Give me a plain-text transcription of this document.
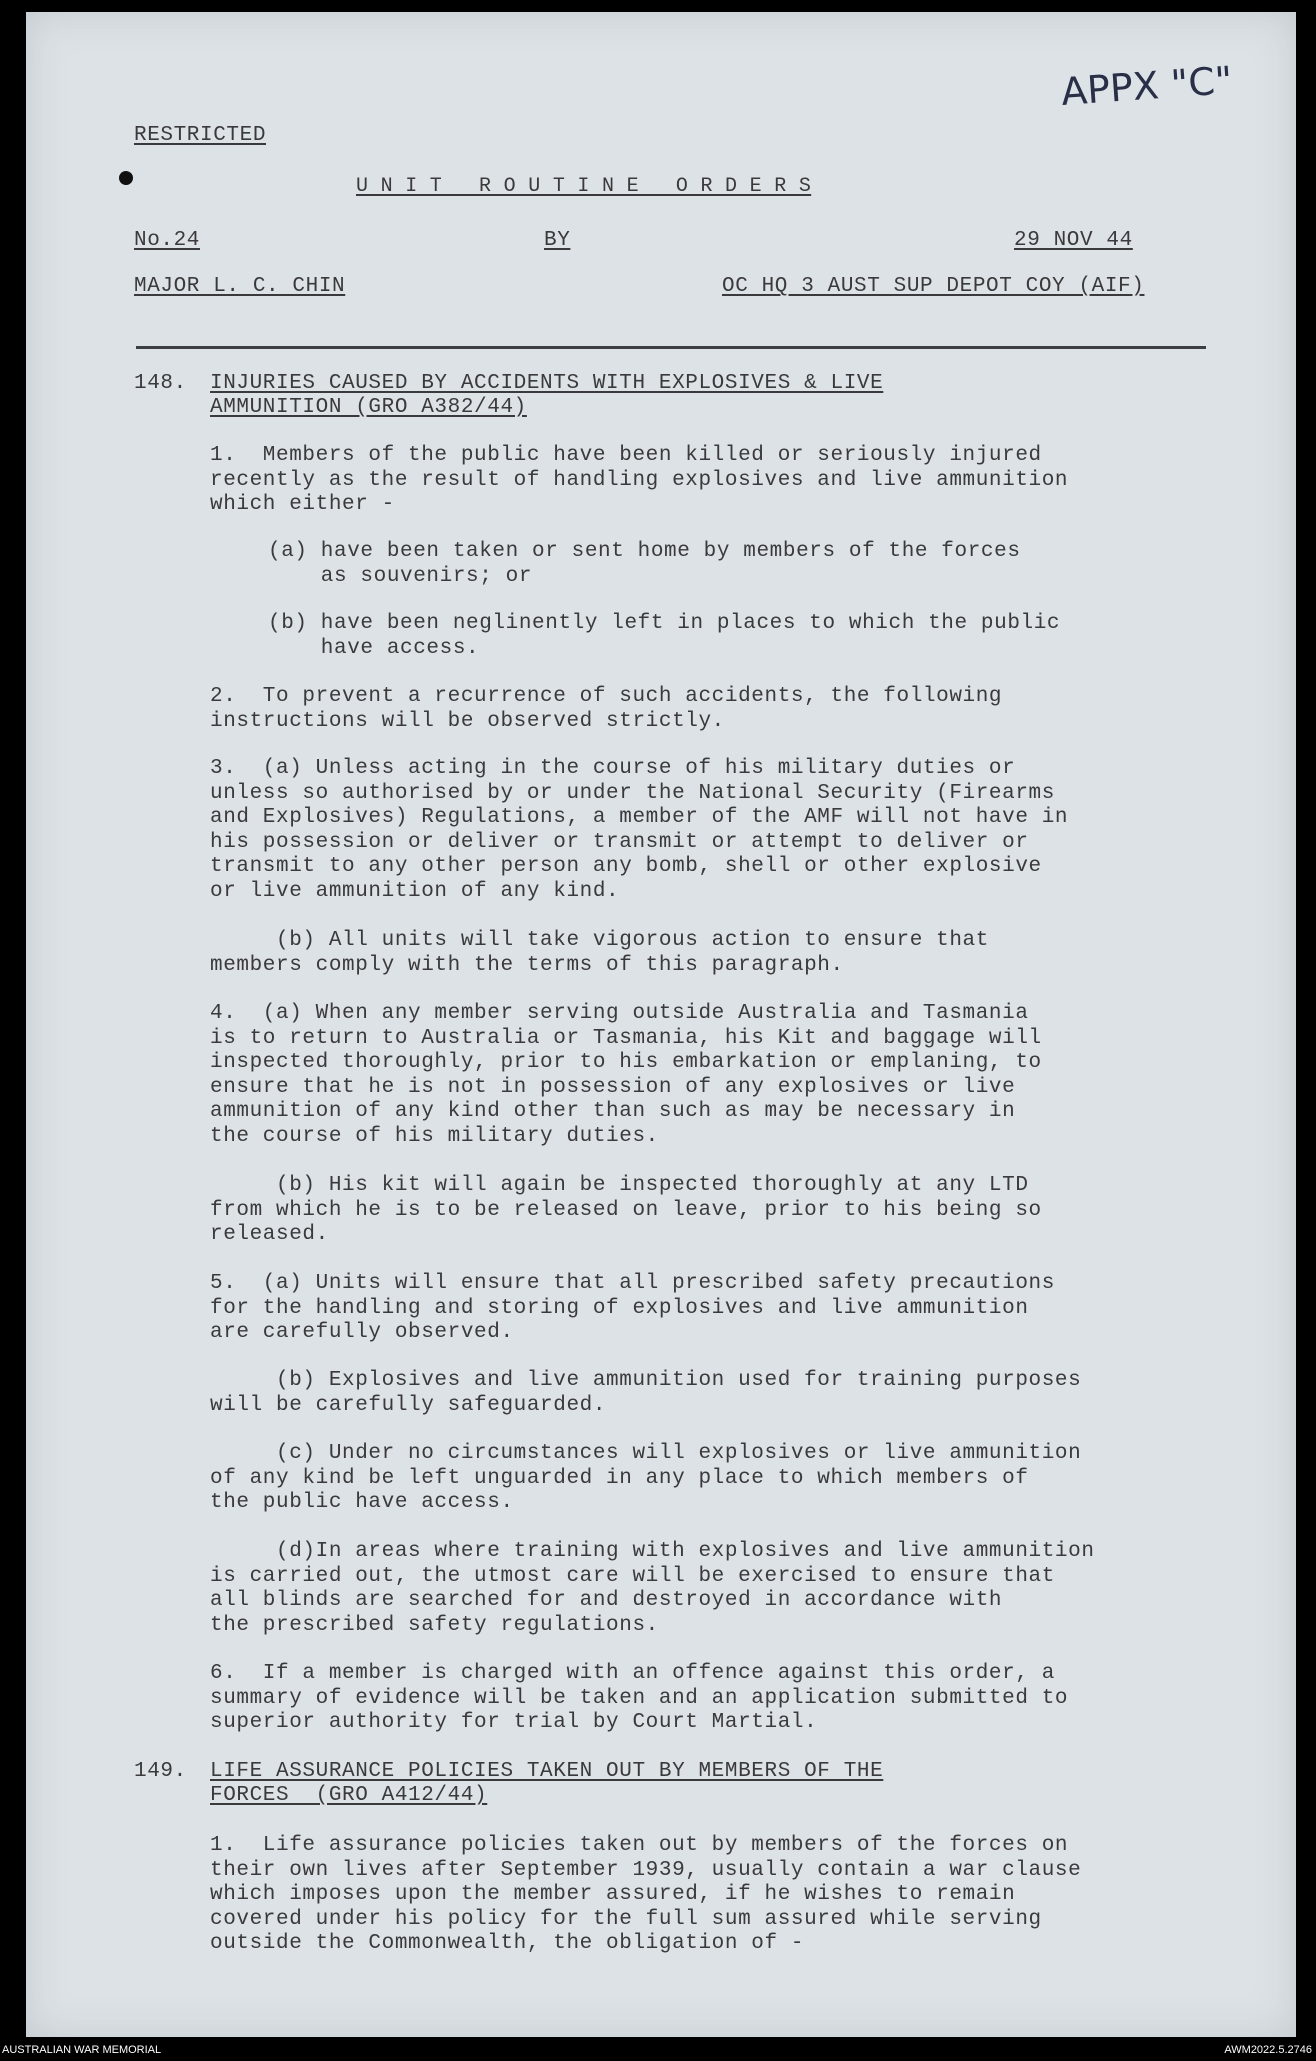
APPX "C"
RESTRICTED
U N I T   R O U T I N E   O R D E R S
No.24	BY	29 NOV 44
MAJOR L. C. CHIN	OC HQ 3 AUST SUP DEPOT COY (AIF)
148. INJURIES CAUSED BY ACCIDENTS WITH EXPLOSIVES & LIVE
AMMUNITION (GRO A382/44)
1.  Members of the public have been killed or seriously injured
recently as the result of handling explosives and live ammunition
which either -
(a) have been taken or sent home by members of the forces
as souvenirs; or
(b) have been neglinently left in places to which the public
have access.
2.  To prevent a recurrence of such accidents, the following
instructions will be observed strictly.
3.  (a) Unless acting in the course of his military duties or
unless so authorised by or under the National Security (Firearms
and Explosives) Regulations, a member of the AMF will not have in
his possession or deliver or transmit or attempt to deliver or
transmit to any other person any bomb, shell or other explosive
or live ammunition of any kind.
(b) All units will take vigorous action to ensure that
members comply with the terms of this paragraph.
4.  (a) When any member serving outside Australia and Tasmania
is to return to Australia or Tasmania, his Kit and baggage will
inspected thoroughly, prior to his embarkation or emplaning, to
ensure that he is not in possession of any explosives or live
ammunition of any kind other than such as may be necessary in
the course of his military duties.
(b) His kit will again be inspected thoroughly at any LTD
from which he is to be released on leave, prior to his being so
released.
5.  (a) Units will ensure that all prescribed safety precautions
for the handling and storing of explosives and live ammunition
are carefully observed.
(b) Explosives and live ammunition used for training purposes
will be carefully safeguarded.
(c) Under no circumstances will explosives or live ammunition
of any kind be left unguarded in any place to which members of
the public have access.
(d)In areas where training with explosives and live ammunition
is carried out, the utmost care will be exercised to ensure that
all blinds are searched for and destroyed in accordance with
the prescribed safety regulations.
6.  If a member is charged with an offence against this order, a
summary of evidence will be taken and an application submitted to
superior authority for trial by Court Martial.
149. LIFE ASSURANCE POLICIES TAKEN OUT BY MEMBERS OF THE
FORCES  (GRO A412/44)
1.  Life assurance policies taken out by members of the forces on
their own lives after September 1939, usually contain a war clause
which imposes upon the member assured, if he wishes to remain
covered under his policy for the full sum assured while serving
outside the Commonwealth, the obligation of -
AUSTRALIAN WAR MEMORIAL	AWM2022.5.2746
